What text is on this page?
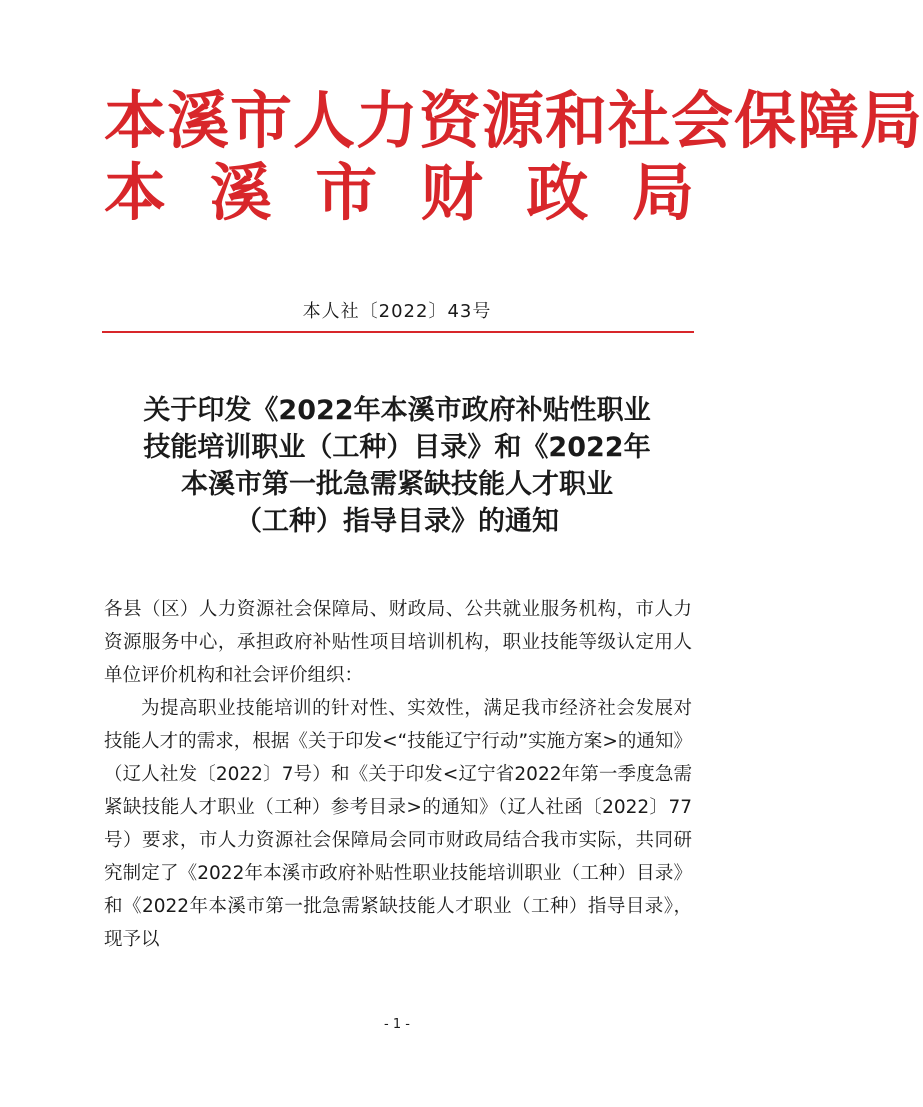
本溪市人力资源和社会保障局
本 溪 市 财 政 局
本人社〔2022〕43号
关于印发《2022年本溪市政府补贴性职业
技能培训职业（工种）目录》和《2022年
本溪市第一批急需紧缺技能人才职业
（工种）指导目录》的通知

各县（区）人力资源社会保障局、财政局、公共就业服务机构，市人力资源服务中心，承担政府补贴性项目培训机构，职业技能等级认定用人单位评价机构和社会评价组织：

为提高职业技能培训的针对性、实效性，满足我市经济社会发展对技能人才的需求，根据《关于印发<“技能辽宁行动”实施方案>的通知》（辽人社发〔2022〕7号）和《关于印发<辽宁省2022年第一季度急需紧缺技能人才职业（工种）参考目录>的通知》（辽人社函〔2022〕77号）要求，市人力资源社会保障局会同市财政局结合我市实际，共同研究制定了《2022年本溪市政府补贴性职业技能培训职业（工种）目录》和《2022年本溪市第一批急需紧缺技能人才职业（工种）指导目录》，现予以

- 1 -
